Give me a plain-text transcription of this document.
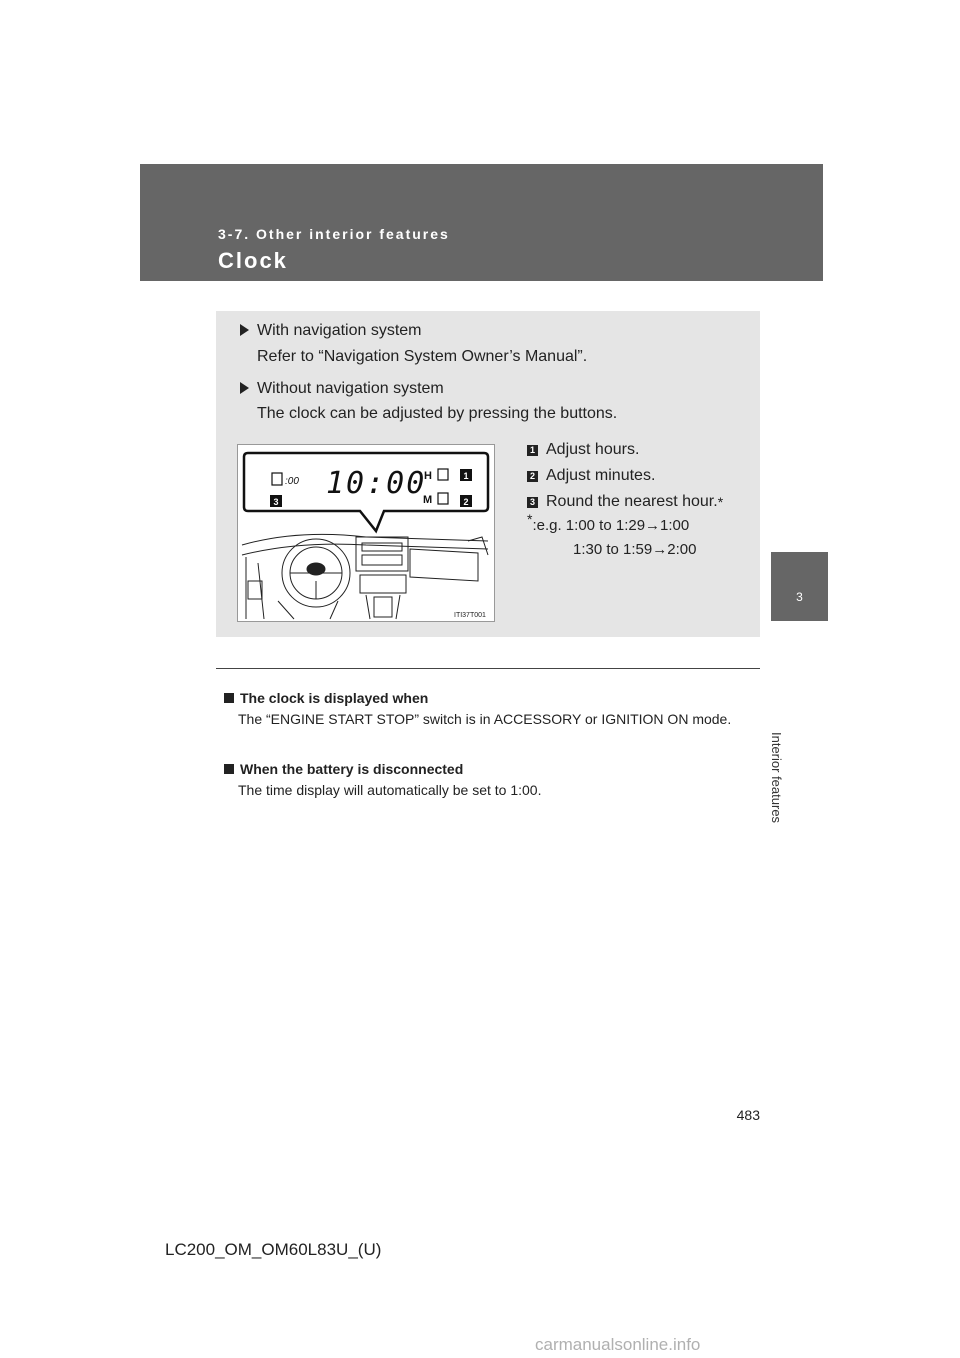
3-7. Other interior features
Clock
3
Interior features
With navigation system
Refer to “Navigation System Owner’s Manual”.
Without navigation system
The clock can be adjusted by pressing the buttons.
:00 10:00
H
M
1
2
3
ITI37T001
1 Adjust hours.
2 Adjust minutes.
3 Round the nearest hour. *
*:e.g. 1:00 to 1:29→1:00
1:30 to 1:59→2:00
The clock is displayed when
The “ENGINE START STOP” switch is in ACCESSORY or IGNITION ON mode.
When the battery is disconnected
The time display will automatically be set to 1:00.
483
LC200_OM_OM60L83U_(U)
carmanualsonline.info
